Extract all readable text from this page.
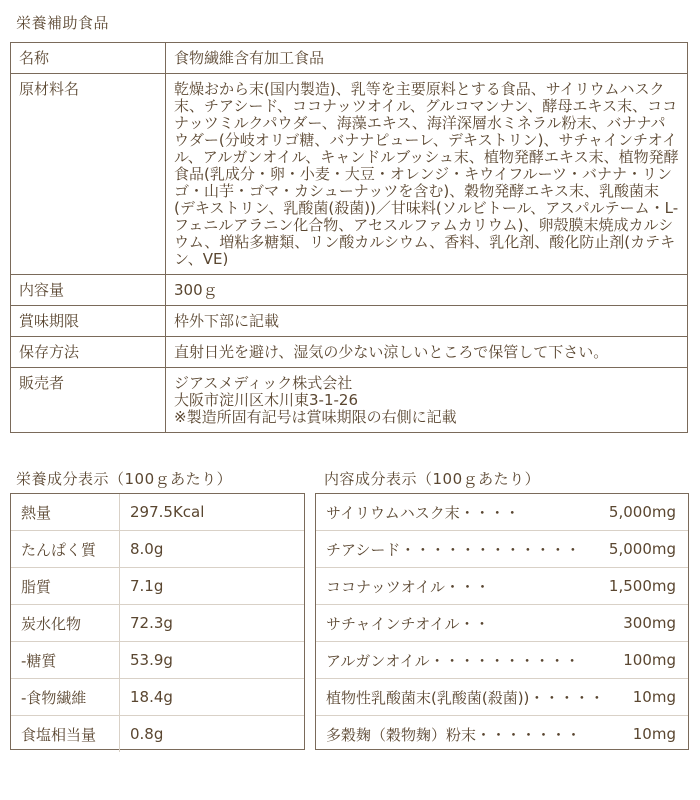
栄養補助食品
名称	食物繊維含有加工食品
原材料名	乾燥おから末(国内製造)、乳等を主要原料とする食品、サイリウムハスク末、チアシード、ココナッツオイル、グルコマンナン、酵母エキス末、ココナッツミルクパウダー、海藻エキス、海洋深層水ミネラル粉末、バナナパウダー(分岐オリゴ糖、バナナピューレ、デキストリン)、サチャインチオイル、アルガンオイル、キャンドルブッシュ末、植物発酵エキス末、植物発酵食品(乳成分・卵・小麦・大豆・オレンジ・キウイフルーツ・バナナ・リンゴ・山芋・ゴマ・カシューナッツを含む)、穀物発酵エキス末、乳酸菌末(デキストリン、乳酸菌(殺菌))／甘味料(ソルビトール、アスパルテーム・L-フェニルアラニン化合物、アセスルファムカリウム)、卵殻膜末焼成カルシウム、増粘多糖類、リン酸カルシウム、香料、乳化剤、酸化防止剤(カテキン、VE)
内容量	300ｇ
賞味期限	枠外下部に記載
保存方法	直射日光を避け、湿気の少ない涼しいところで保管して下さい。
販売者	ジアスメディック株式会社
大阪市淀川区木川東3-1-26
※製造所固有記号は賞味期限の右側に記載
栄養成分表示（100ｇあたり）	内容成分表示（100ｇあたり）
熱量	297.5Kcal
たんぱく質	8.0g
脂質	7.1g
炭水化物	72.3g
-糖質	53.9g
-食物繊維	18.4g
食塩相当量	0.8g
サイリウムハスク末・・・・	5,000mg
チアシード・・・・・・・・・・・・	5,000mg
ココナッツオイル・・・	1,500mg
サチャインチオイル・・	300mg
アルガンオイル・・・・・・・・・・	100mg
植物性乳酸菌末(乳酸菌(殺菌))・・・・・	10mg
多穀麹（穀物麹）粉末・・・・・・・	10mg
